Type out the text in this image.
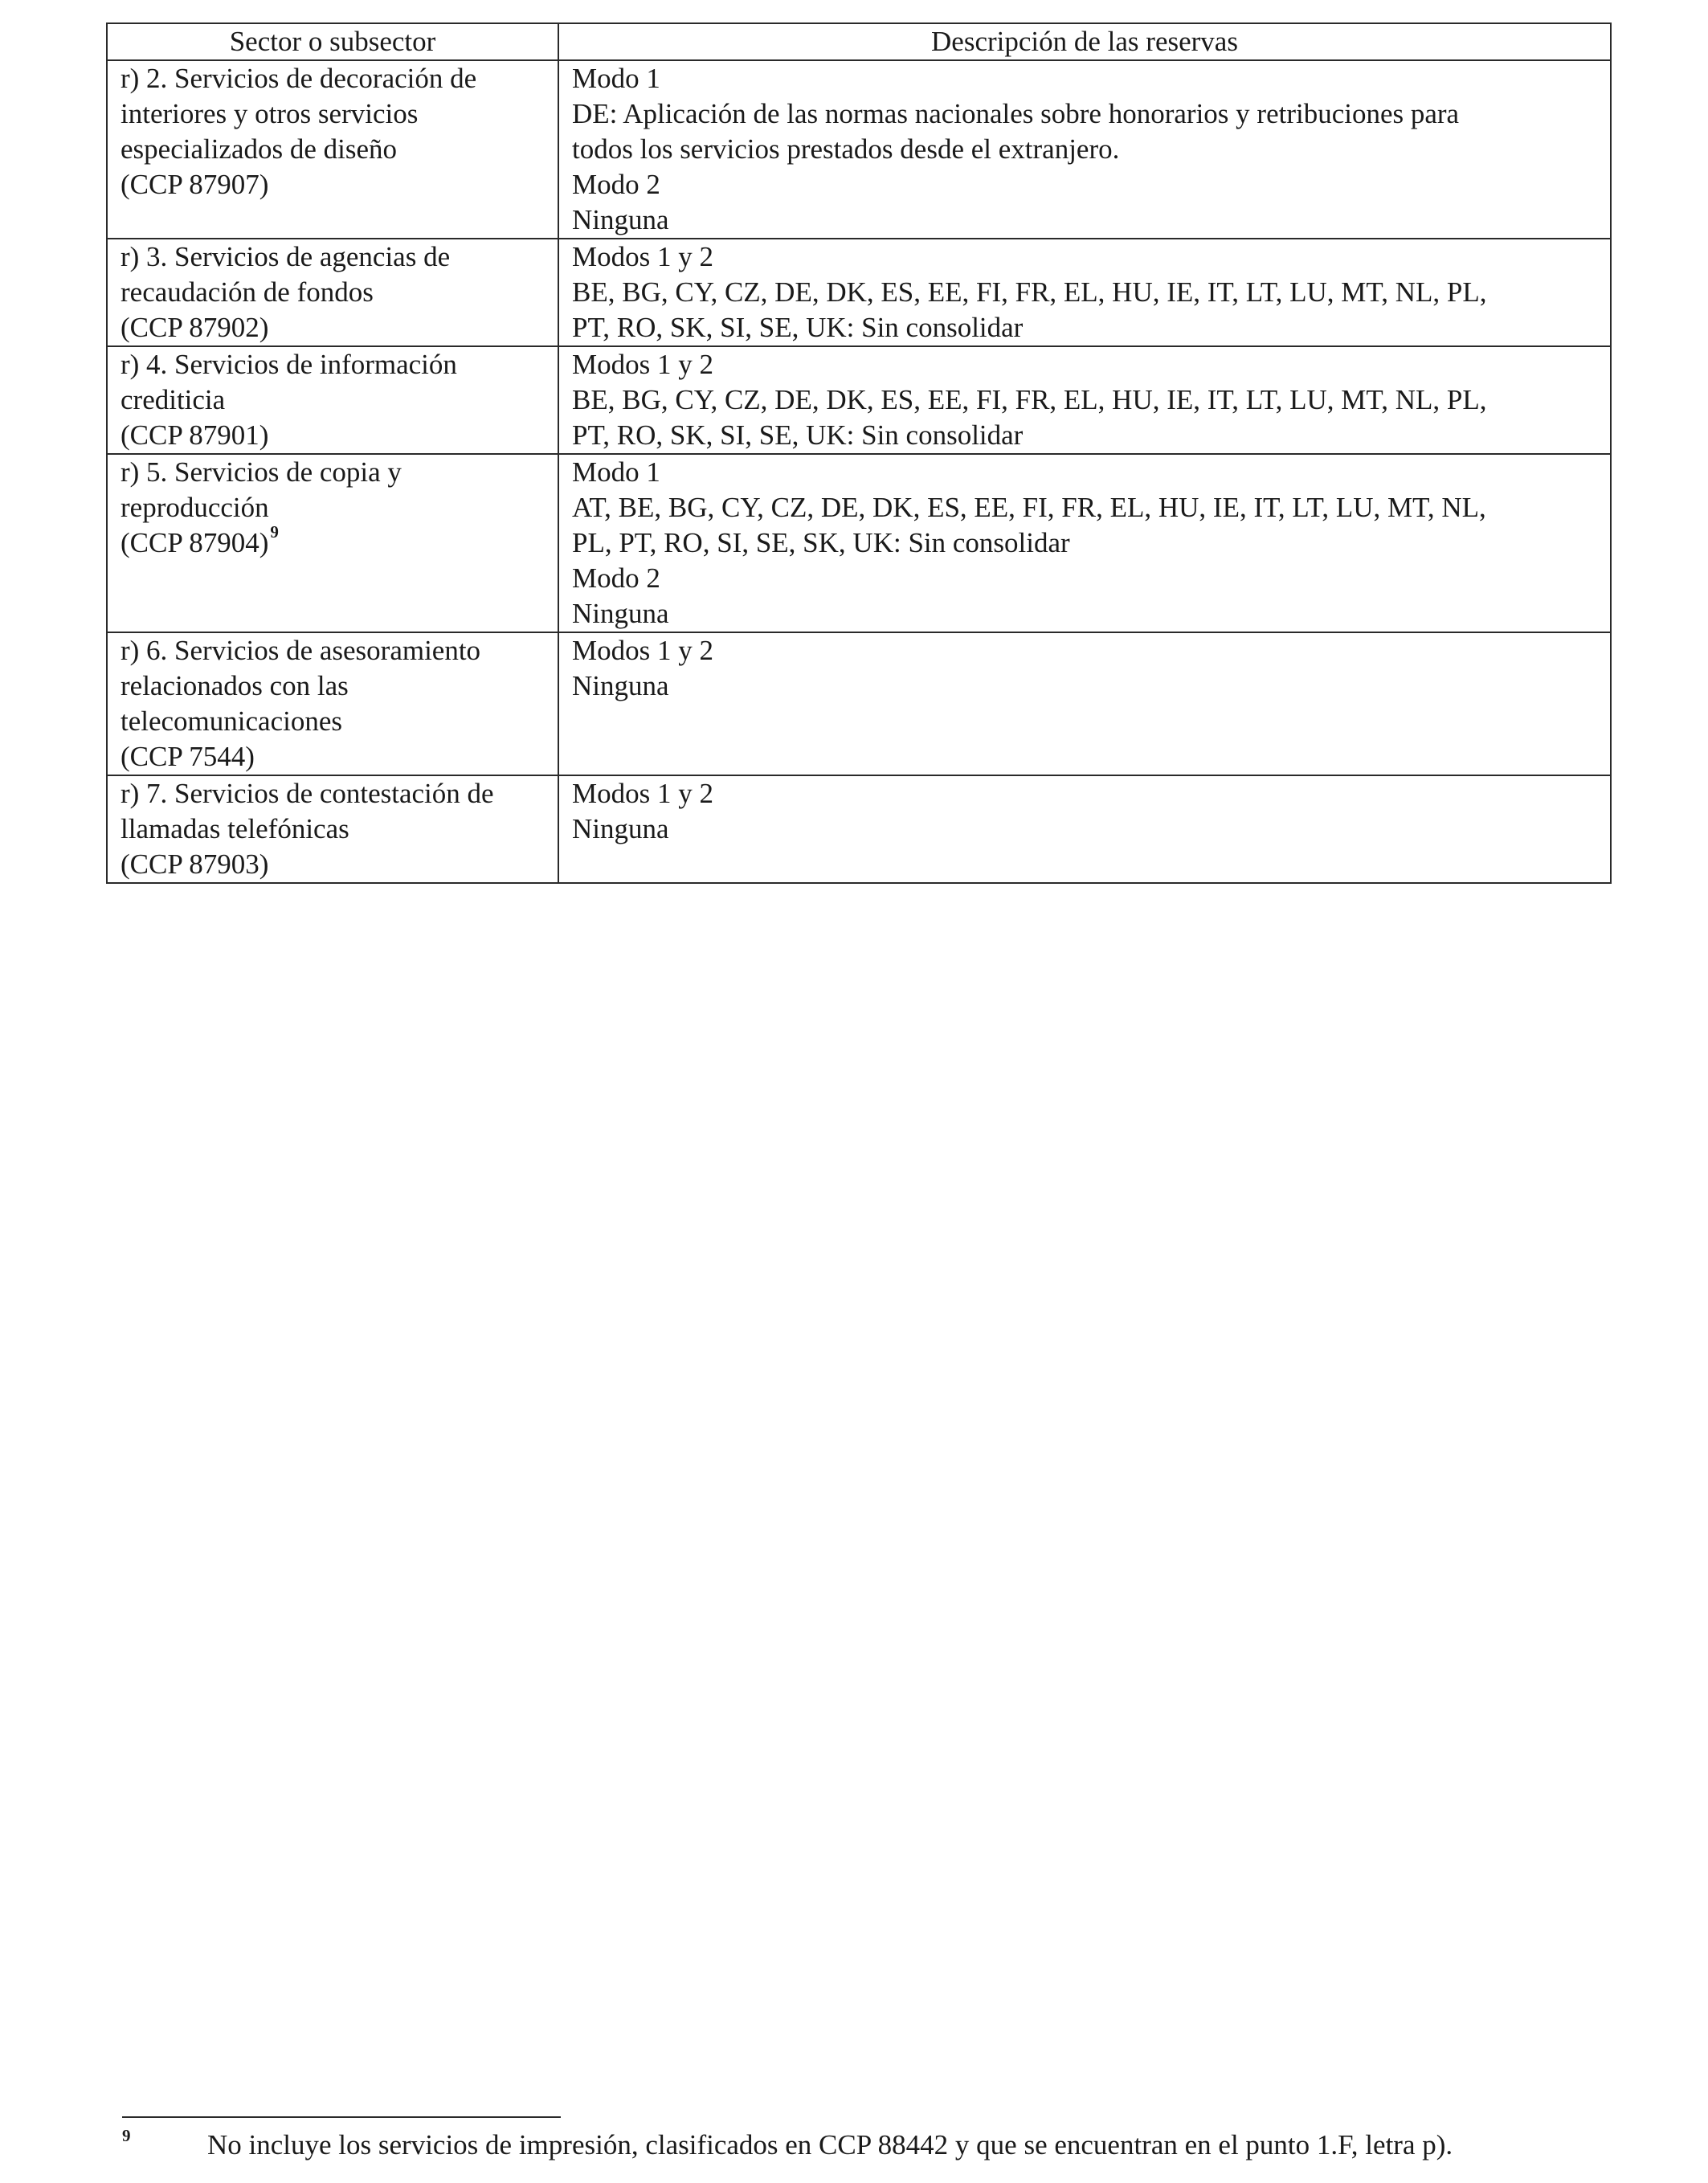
Sector o subsector	Descripción de las reservas

r) 2. Servicios de decoración de
interiores y otros servicios
especializados de diseño
(CCP 87907)	Modo 1
DE: Aplicación de las normas nacionales sobre honorarios y retribuciones para
todos los servicios prestados desde el extranjero.
Modo 2
Ninguna

r) 3. Servicios de agencias de
recaudación de fondos
(CCP 87902)	Modos 1 y 2
BE, BG, CY, CZ, DE, DK, ES, EE, FI, FR, EL, HU, IE, IT, LT, LU, MT, NL, PL,
PT, RO, SK, SI, SE, UK: Sin consolidar

r) 4. Servicios de información
crediticia
(CCP 87901)	Modos 1 y 2
BE, BG, CY, CZ, DE, DK, ES, EE, FI, FR, EL, HU, IE, IT, LT, LU, MT, NL, PL,
PT, RO, SK, SI, SE, UK: Sin consolidar

r) 5. Servicios de copia y
reproducción
(CCP 87904)$^9$	Modo 1
AT, BE, BG, CY, CZ, DE, DK, ES, EE, FI, FR, EL, HU, IE, IT, LT, LU, MT, NL,
PL, PT, RO, SI, SE, SK, UK: Sin consolidar
Modo 2
Ninguna

r) 6. Servicios de asesoramiento
relacionados con las
telecomunicaciones
(CCP 7544)	Modos 1 y 2
Ninguna

r) 7. Servicios de contestación de
llamadas telefónicas
(CCP 87903)	Modos 1 y 2
Ninguna
9	No incluye los servicios de impresión, clasificados en CCP 88442 y que se encuentran en el punto 1.F, letra p).
